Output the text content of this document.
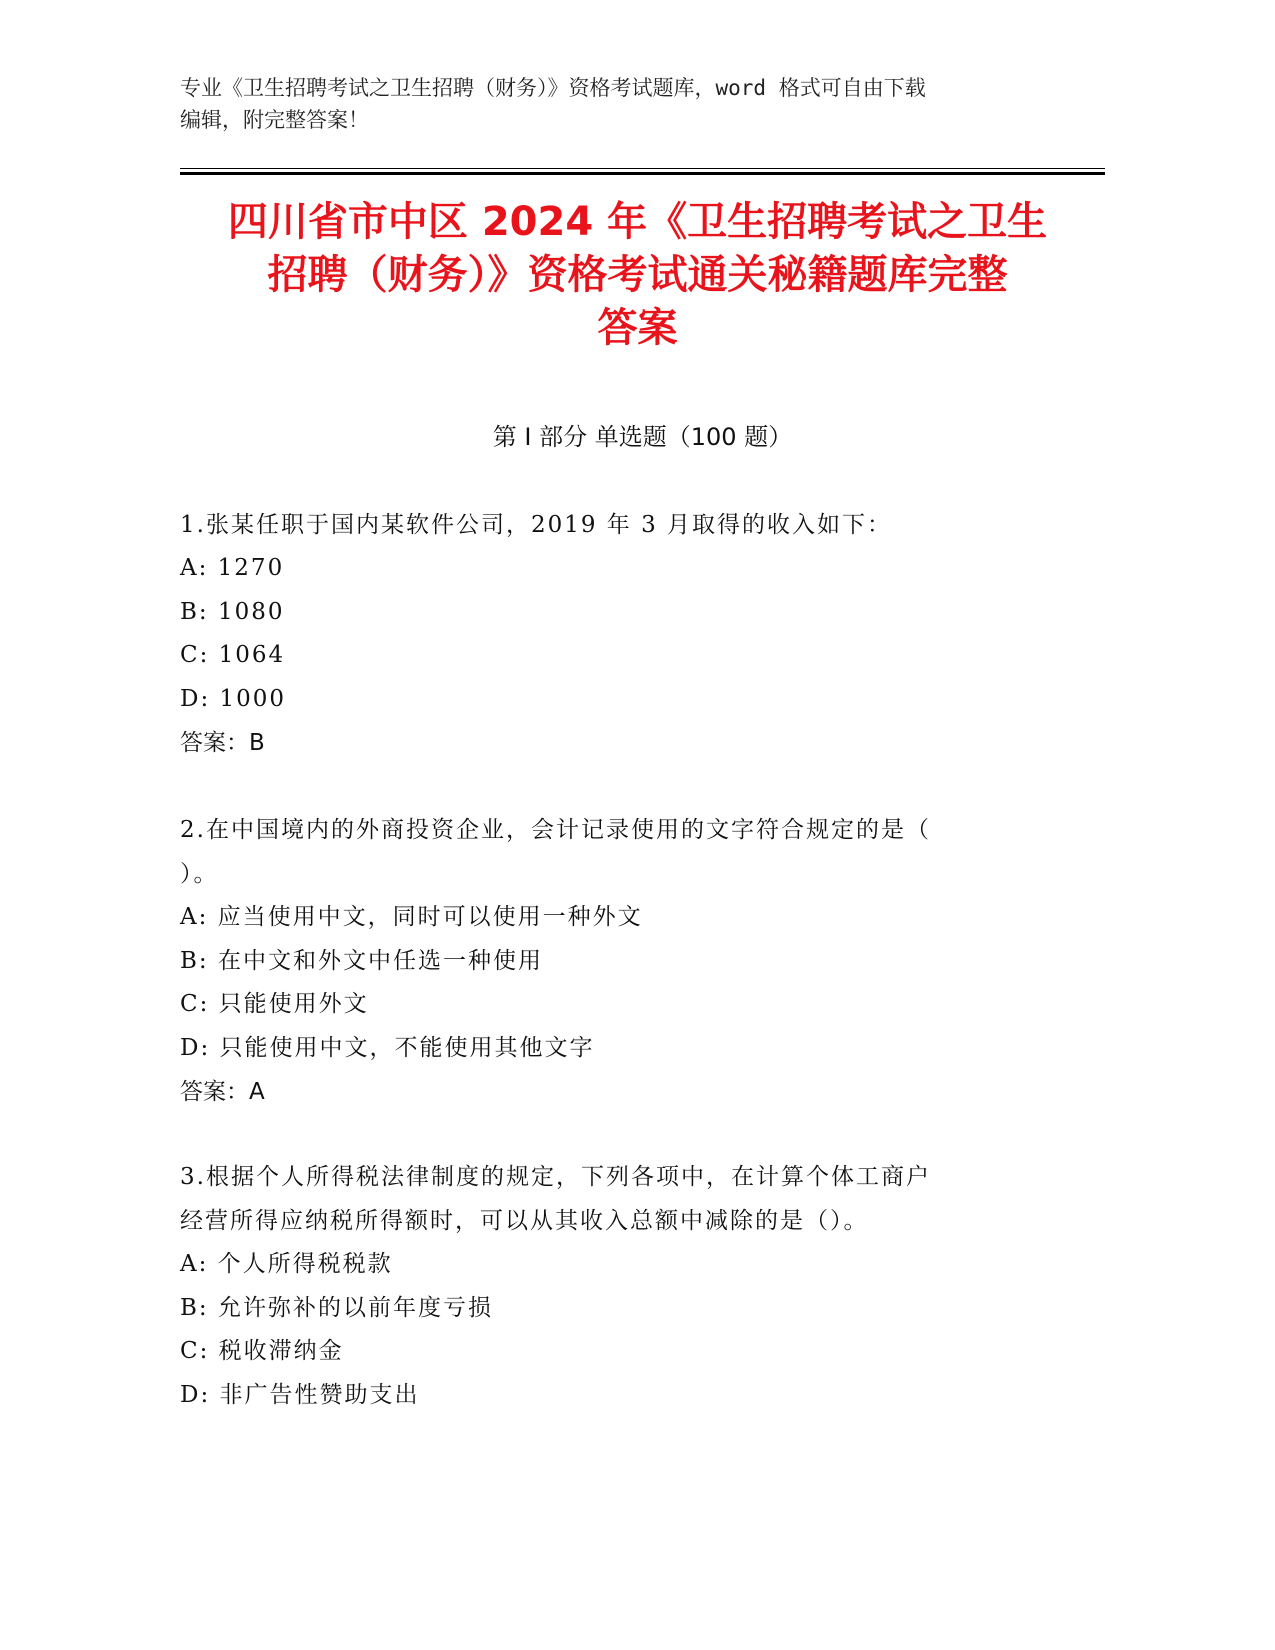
专业《卫生招聘考试之卫生招聘（财务）》资格考试题库，word 格式可自由下载
编辑，附完整答案！
四川省市中区 2024 年《卫生招聘考试之卫生
招聘（财务）》资格考试通关秘籍题库完整
答案
第 I 部分 单选题（100 题）
1.张某任职于国内某软件公司，2019 年 3 月取得的收入如下：
A: 1270
B: 1080
C: 1064
D: 1000
答案：B
2.在中国境内的外商投资企业，会计记录使用的文字符合规定的是（
）。
A: 应当使用中文，同时可以使用一种外文
B: 在中文和外文中任选一种使用
C: 只能使用外文
D: 只能使用中文，不能使用其他文字
答案：A
3.根据个人所得税法律制度的规定，下列各项中，在计算个体工商户
经营所得应纳税所得额时，可以从其收入总额中减除的是（）。
A: 个人所得税税款
B: 允许弥补的以前年度亏损
C: 税收滞纳金
D: 非广告性赞助支出
